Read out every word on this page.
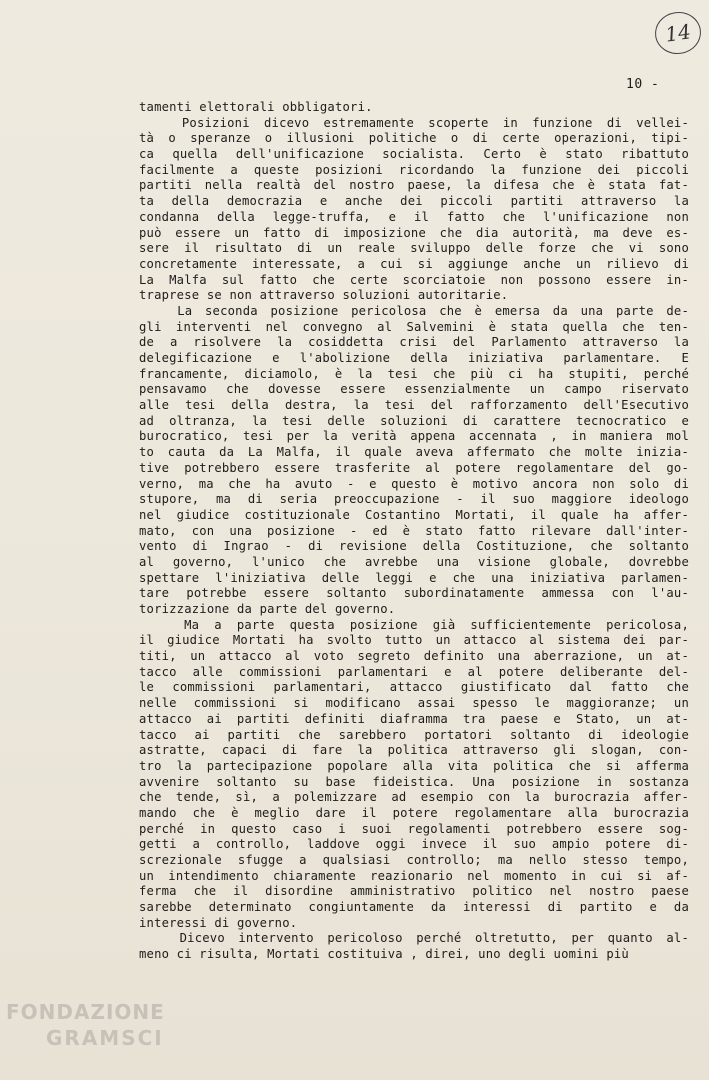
14
10 -
tamenti elettorali obbligatori.
Posizioni dicevo estremamente scoperte in funzione di vellei-
tà o speranze o illusioni politiche o di certe operazioni, tipi-
ca quella dell'unificazione socialista. Certo è stato ribattuto
facilmente a queste posizioni ricordando la funzione dei piccoli
partiti nella realtà del nostro paese, la difesa che è stata fat-
ta della democrazia e anche dei piccoli partiti attraverso la
condanna della legge-truffa, e il fatto che l'unificazione non
può essere un fatto di imposizione che dia autorità, ma deve es-
sere il risultato di un reale sviluppo delle forze che vi sono
concretamente interessate, a cui si aggiunge anche un rilievo di
La Malfa sul fatto che certe scorciatoie non possono essere in-
traprese se non attraverso soluzioni autoritarie.
La seconda posizione pericolosa che è emersa da una parte de-
gli interventi nel convegno al Salvemini è stata quella che ten-
de a risolvere la cosiddetta crisi del Parlamento attraverso la
delegificazione e l'abolizione della iniziativa parlamentare. E
francamente, diciamolo, è la tesi che più ci ha stupiti, perché
pensavamo che dovesse essere essenzialmente un campo riservato
alle tesi della destra, la tesi del rafforzamento dell'Esecutivo
ad oltranza, la tesi delle soluzioni di carattere tecnocratico e
burocratico, tesi per la verità appena accennata , in maniera mol
to cauta da La Malfa, il quale aveva affermato che molte inizia-
tive potrebbero essere trasferite al potere regolamentare del go-
verno, ma che ha avuto - e questo è motivo ancora non solo di
stupore, ma di seria preoccupazione - il suo maggiore ideologo
nel giudice costituzionale Costantino Mortati, il quale ha affer-
mato, con una posizione - ed è stato fatto rilevare dall'inter-
vento di Ingrao - di revisione della Costituzione, che soltanto
al governo, l'unico che avrebbe una visione globale, dovrebbe
spettare l'iniziativa delle leggi e che una iniziativa parlamen-
tare potrebbe essere soltanto subordinatamente ammessa con l'au-
torizzazione da parte del governo.
Ma a parte questa posizione già sufficientemente pericolosa,
il giudice Mortati ha svolto tutto un attacco al sistema dei par-
titi, un attacco al voto segreto definito una aberrazione, un at-
tacco alle commissioni parlamentari e al potere deliberante del-
le commissioni parlamentari, attacco giustificato dal fatto che
nelle commissioni si modificano assai spesso le maggioranze; un
attacco ai partiti definiti diaframma tra paese e Stato, un at-
tacco ai partiti che sarebbero portatori soltanto di ideologie
astratte, capaci di fare la politica attraverso gli slogan, con-
tro la partecipazione popolare alla vita politica che si afferma
avvenire soltanto su base fideistica. Una posizione in sostanza
che tende, sì, a polemizzare ad esempio con la burocrazia affer-
mando che è meglio dare il potere regolamentare alla burocrazia
perché in questo caso i suoi regolamenti potrebbero essere sog-
getti a controllo, laddove oggi invece il suo ampio potere di-
screzionale sfugge a qualsiasi controllo; ma nello stesso tempo,
un intendimento chiaramente reazionario nel momento in cui si af-
ferma che il disordine amministrativo politico nel nostro paese
sarebbe determinato congiuntamente da interessi di partito e da
interessi di governo.
Dicevo intervento pericoloso perché oltretutto, per quanto al-
meno ci risulta, Mortati costituiva , direi, uno degli uomini più
FONDAZIONE
GRAMSCI
